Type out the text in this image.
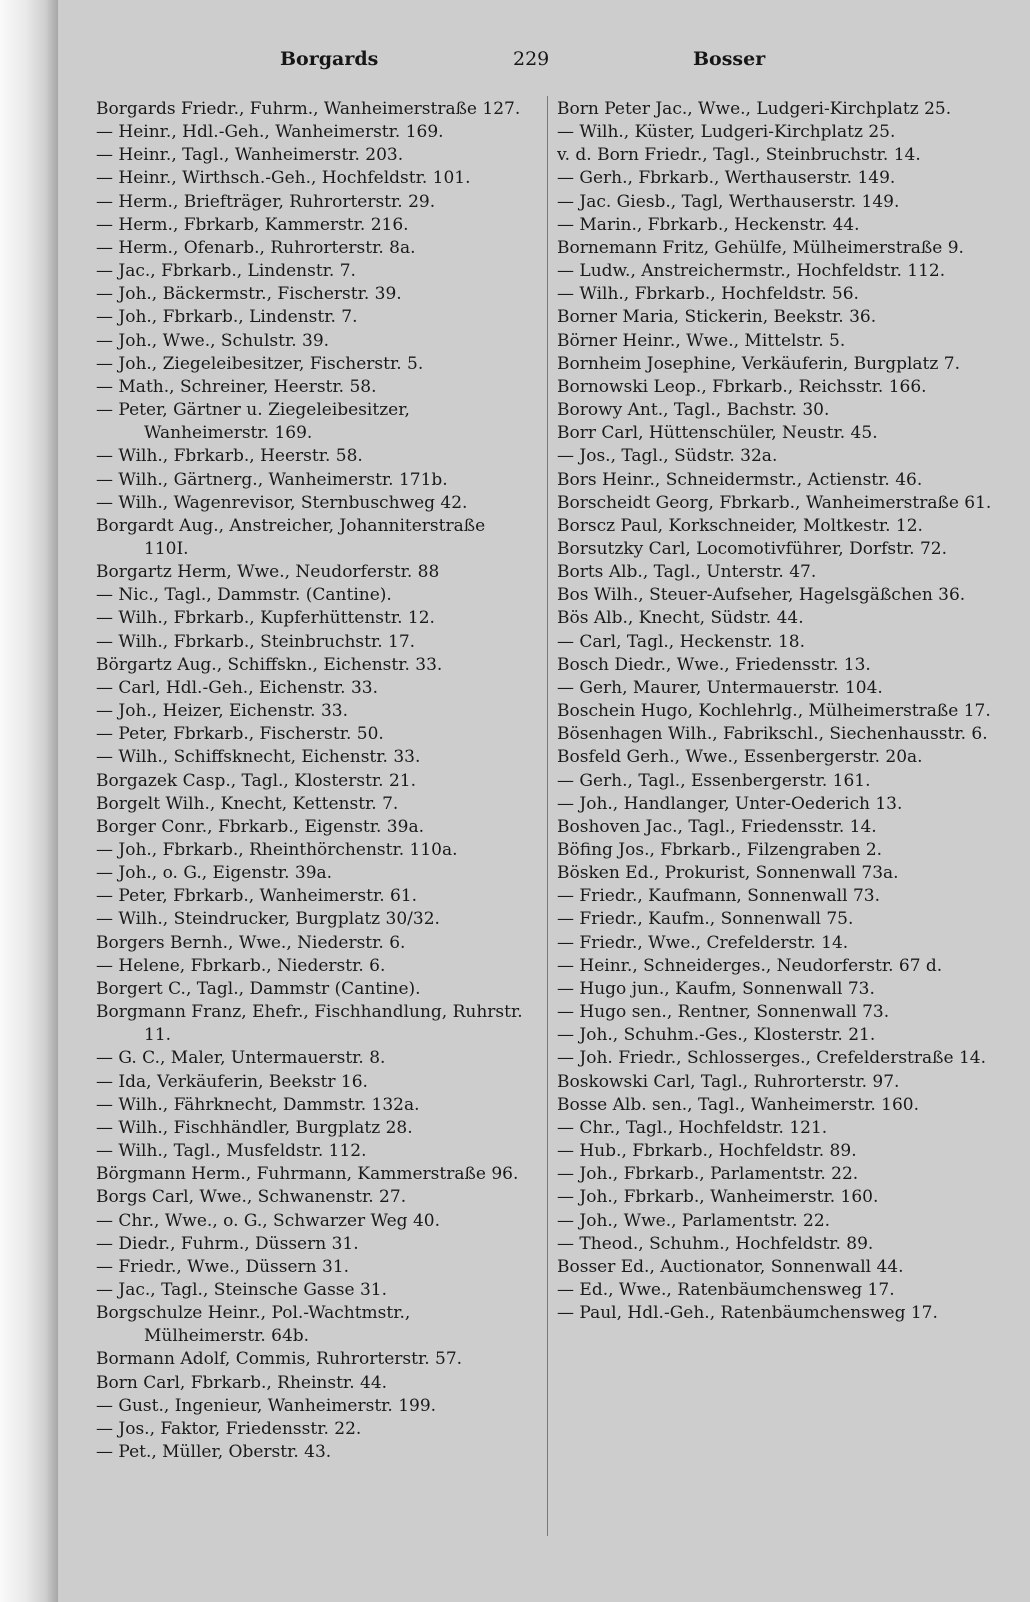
Borgards	229	Bosser

Borgards Friedr., Fuhrm., Wanheimerstraße 127.

— Heinr., Hdl.-Geh., Wanheimerstr. 169.

— Heinr., Tagl., Wanheimerstr. 203.

— Heinr., Wirthsch.-Geh., Hochfeldstr. 101.

— Herm., Briefträger, Ruhrorterstr. 29.

— Herm., Fbrkarb, Kammerstr. 216.

— Herm., Ofenarb., Ruhrorterstr. 8a.

— Jac., Fbrkarb., Lindenstr. 7.

— Joh., Bäckermstr., Fischerstr. 39.

— Joh., Fbrkarb., Lindenstr. 7.

— Joh., Wwe., Schulstr. 39.

— Joh., Ziegeleibesitzer, Fischerstr. 5.

— Math., Schreiner, Heerstr. 58.

— Peter, Gärtner u. Ziegeleibesitzer, Wanheimerstr. 169.

— Wilh., Fbrkarb., Heerstr. 58.

— Wilh., Gärtnerg., Wanheimerstr. 171b.

— Wilh., Wagenrevisor, Sternbuschweg 42.

Borgardt Aug., Anstreicher, Johanniterstraße 110I.

Borgartz Herm, Wwe., Neudorferstr. 88

— Nic., Tagl., Dammstr. (Cantine).

— Wilh., Fbrkarb., Kupferhüttenstr. 12.

— Wilh., Fbrkarb., Steinbruchstr. 17.

Börgartz Aug., Schiffskn., Eichenstr. 33.

— Carl, Hdl.-Geh., Eichenstr. 33.

— Joh., Heizer, Eichenstr. 33.

— Peter, Fbrkarb., Fischerstr. 50.

— Wilh., Schiffsknecht, Eichenstr. 33.

Borgazek Casp., Tagl., Klosterstr. 21.

Borgelt Wilh., Knecht, Kettenstr. 7.

Borger Conr., Fbrkarb., Eigenstr. 39a.

— Joh., Fbrkarb., Rheinthörchenstr. 110a.

— Joh., o. G., Eigenstr. 39a.

— Peter, Fbrkarb., Wanheimerstr. 61.

— Wilh., Steindrucker, Burgplatz 30/32.

Borgers Bernh., Wwe., Niederstr. 6.

— Helene, Fbrkarb., Niederstr. 6.

Borgert C., Tagl., Dammstr (Cantine).

Borgmann Franz, Ehefr., Fischhandlung, Ruhrstr. 11.

— G. C., Maler, Untermauerstr. 8.

— Ida, Verkäuferin, Beekstr 16.

— Wilh., Fährknecht, Dammstr. 132a.

— Wilh., Fischhändler, Burgplatz 28.

— Wilh., Tagl., Musfeldstr. 112.

Börgmann Herm., Fuhrmann, Kammerstraße 96.

Borgs Carl, Wwe., Schwanenstr. 27.

— Chr., Wwe., o. G., Schwarzer Weg 40.

— Diedr., Fuhrm., Düssern 31.

— Friedr., Wwe., Düssern 31.

— Jac., Tagl., Steinsche Gasse 31.

Borgschulze Heinr., Pol.-Wachtmstr., Mülheimerstr. 64b.

Bormann Adolf, Commis, Ruhrorterstr. 57.

Born Carl, Fbrkarb., Rheinstr. 44.

— Gust., Ingenieur, Wanheimerstr. 199.

— Jos., Faktor, Friedensstr. 22.

— Pet., Müller, Oberstr. 43.

Born Peter Jac., Wwe., Ludgeri-Kirchplatz 25.

— Wilh., Küster, Ludgeri-Kirchplatz 25.

v. d. Born Friedr., Tagl., Steinbruchstr. 14.

— Gerh., Fbrkarb., Werthauserstr. 149.

— Jac. Giesb., Tagl, Werthauserstr. 149.

— Marin., Fbrkarb., Heckenstr. 44.

Bornemann Fritz, Gehülfe, Mülheimerstraße 9.

— Ludw., Anstreichermstr., Hochfeldstr. 112.

— Wilh., Fbrkarb., Hochfeldstr. 56.

Borner Maria, Stickerin, Beekstr. 36.

Börner Heinr., Wwe., Mittelstr. 5.

Bornheim Josephine, Verkäuferin, Burgplatz 7.

Bornowski Leop., Fbrkarb., Reichsstr. 166.

Borowy Ant., Tagl., Bachstr. 30.

Borr Carl, Hüttenschüler, Neustr. 45.

— Jos., Tagl., Südstr. 32a.

Bors Heinr., Schneidermstr., Actienstr. 46.

Borscheidt Georg, Fbrkarb., Wanheimerstraße 61.

Borscz Paul, Korkschneider, Moltkestr. 12.

Borsutzky Carl, Locomotivführer, Dorfstr. 72.

Borts Alb., Tagl., Unterstr. 47.

Bos Wilh., Steuer-Aufseher, Hagelsgäßchen 36.

Bös Alb., Knecht, Südstr. 44.

— Carl, Tagl., Heckenstr. 18.

Bosch Diedr., Wwe., Friedensstr. 13.

— Gerh, Maurer, Untermauerstr. 104.

Boschein Hugo, Kochlehrlg., Mülheimerstraße 17.

Bösenhagen Wilh., Fabrikschl., Siechenhausstr. 6.

Bosfeld Gerh., Wwe., Essenbergerstr. 20a.

— Gerh., Tagl., Essenbergerstr. 161.

— Joh., Handlanger, Unter-Oederich 13.

Boshoven Jac., Tagl., Friedensstr. 14.

Böfing Jos., Fbrkarb., Filzengraben 2.

Bösken Ed., Prokurist, Sonnenwall 73a.

— Friedr., Kaufmann, Sonnenwall 73.

— Friedr., Kaufm., Sonnenwall 75.

— Friedr., Wwe., Crefelderstr. 14.

— Heinr., Schneiderges., Neudorferstr. 67 d.

— Hugo jun., Kaufm, Sonnenwall 73.

— Hugo sen., Rentner, Sonnenwall 73.

— Joh., Schuhm.-Ges., Klosterstr. 21.

— Joh. Friedr., Schlosserges., Crefelderstraße 14.

Boskowski Carl, Tagl., Ruhrorterstr. 97.

Bosse Alb. sen., Tagl., Wanheimerstr. 160.

— Chr., Tagl., Hochfeldstr. 121.

— Hub., Fbrkarb., Hochfeldstr. 89.

— Joh., Fbrkarb., Parlamentstr. 22.

— Joh., Fbrkarb., Wanheimerstr. 160.

— Joh., Wwe., Parlamentstr. 22.

— Theod., Schuhm., Hochfeldstr. 89.

Bosser Ed., Auctionator, Sonnenwall 44.

— Ed., Wwe., Ratenbäumchensweg 17.

— Paul, Hdl.-Geh., Ratenbäumchensweg 17.
